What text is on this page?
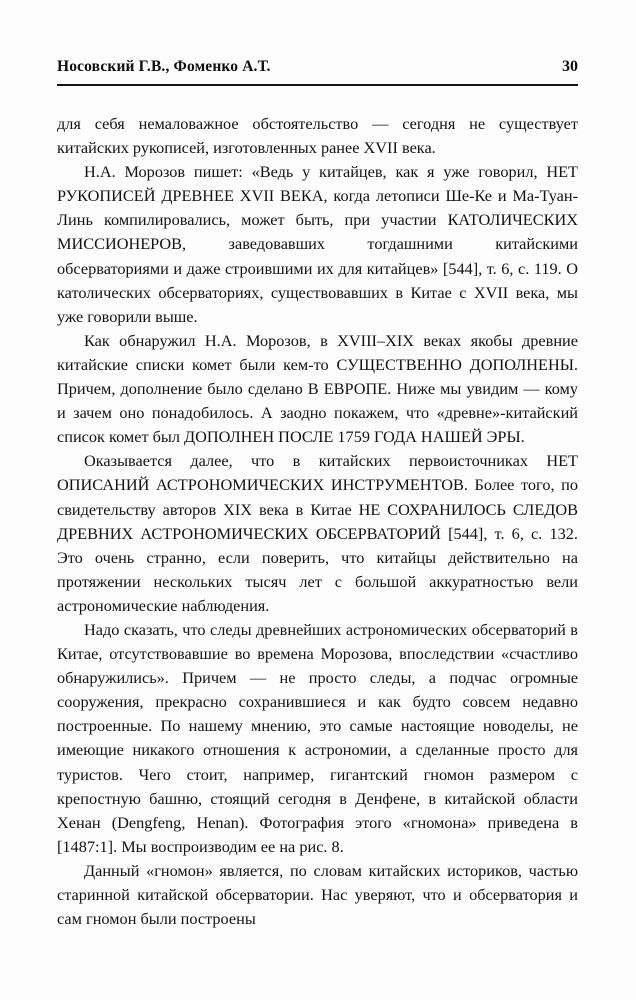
Носовский Г.В., Фоменко А.Т.	30

для себя немаловажное обстоятельство — сегодня не существует китайских рукописей, изготовленных ранее XVII века.

Н.А. Морозов пишет: «Ведь у китайцев, как я уже говорил, НЕТ РУКОПИСЕЙ ДРЕВНЕЕ XVII ВЕКА, когда летописи Ше-Ке и Ма-Туан-Линь компилировались, может быть, при участии КАТОЛИЧЕСКИХ МИССИОНЕРОВ, заведовавших тогдашними китайскими обсерваториями и даже строившими их для китайцев» [544], т. 6, с. 119. О католических обсерваториях, существовавших в Китае с XVII века, мы уже говорили выше.

Как обнаружил Н.А. Морозов, в XVIII–XIX веках якобы древние китайские списки комет были кем-то СУЩЕСТВЕННО ДОПОЛНЕНЫ. Причем, дополнение было сделано В ЕВРОПЕ. Ниже мы увидим — кому и зачем оно понадобилось. А заодно покажем, что «древне»-китайский список комет был ДОПОЛНЕН ПОСЛЕ 1759 ГОДА НАШЕЙ ЭРЫ.

Оказывается далее, что в китайских первоисточниках НЕТ ОПИСАНИЙ АСТРОНОМИЧЕСКИХ ИНСТРУМЕНТОВ. Более того, по свидетельству авторов XIX века в Китае НЕ СОХРАНИЛОСЬ СЛЕДОВ ДРЕВНИХ АСТРОНОМИЧЕСКИХ ОБСЕРВАТОРИЙ [544], т. 6, с. 132. Это очень странно, если поверить, что китайцы действительно на протяжении нескольких тысяч лет с большой аккуратностью вели астрономические наблюдения.

Надо сказать, что следы древнейших астрономических обсерваторий в Китае, отсутствовавшие во времена Морозова, впоследствии «счастливо обнаружились». Причем — не просто следы, а подчас огромные сооружения, прекрасно сохранившиеся и как будто совсем недавно построенные. По нашему мнению, это самые настоящие новоделы, не имеющие никакого отношения к астрономии, а сделанные просто для туристов. Чего стоит, например, гигантский гномон размером с крепостную башню, стоящий сегодня в Денфене, в китайской области Хенан (Dengfeng, Henan). Фотография этого «гномона» приведена в [1487:1]. Мы воспроизводим ее на рис. 8.

Данный «гномон» является, по словам китайских историков, частью старинной китайской обсерватории. Нас уверяют, что и обсерватория и сам гномон были построены
